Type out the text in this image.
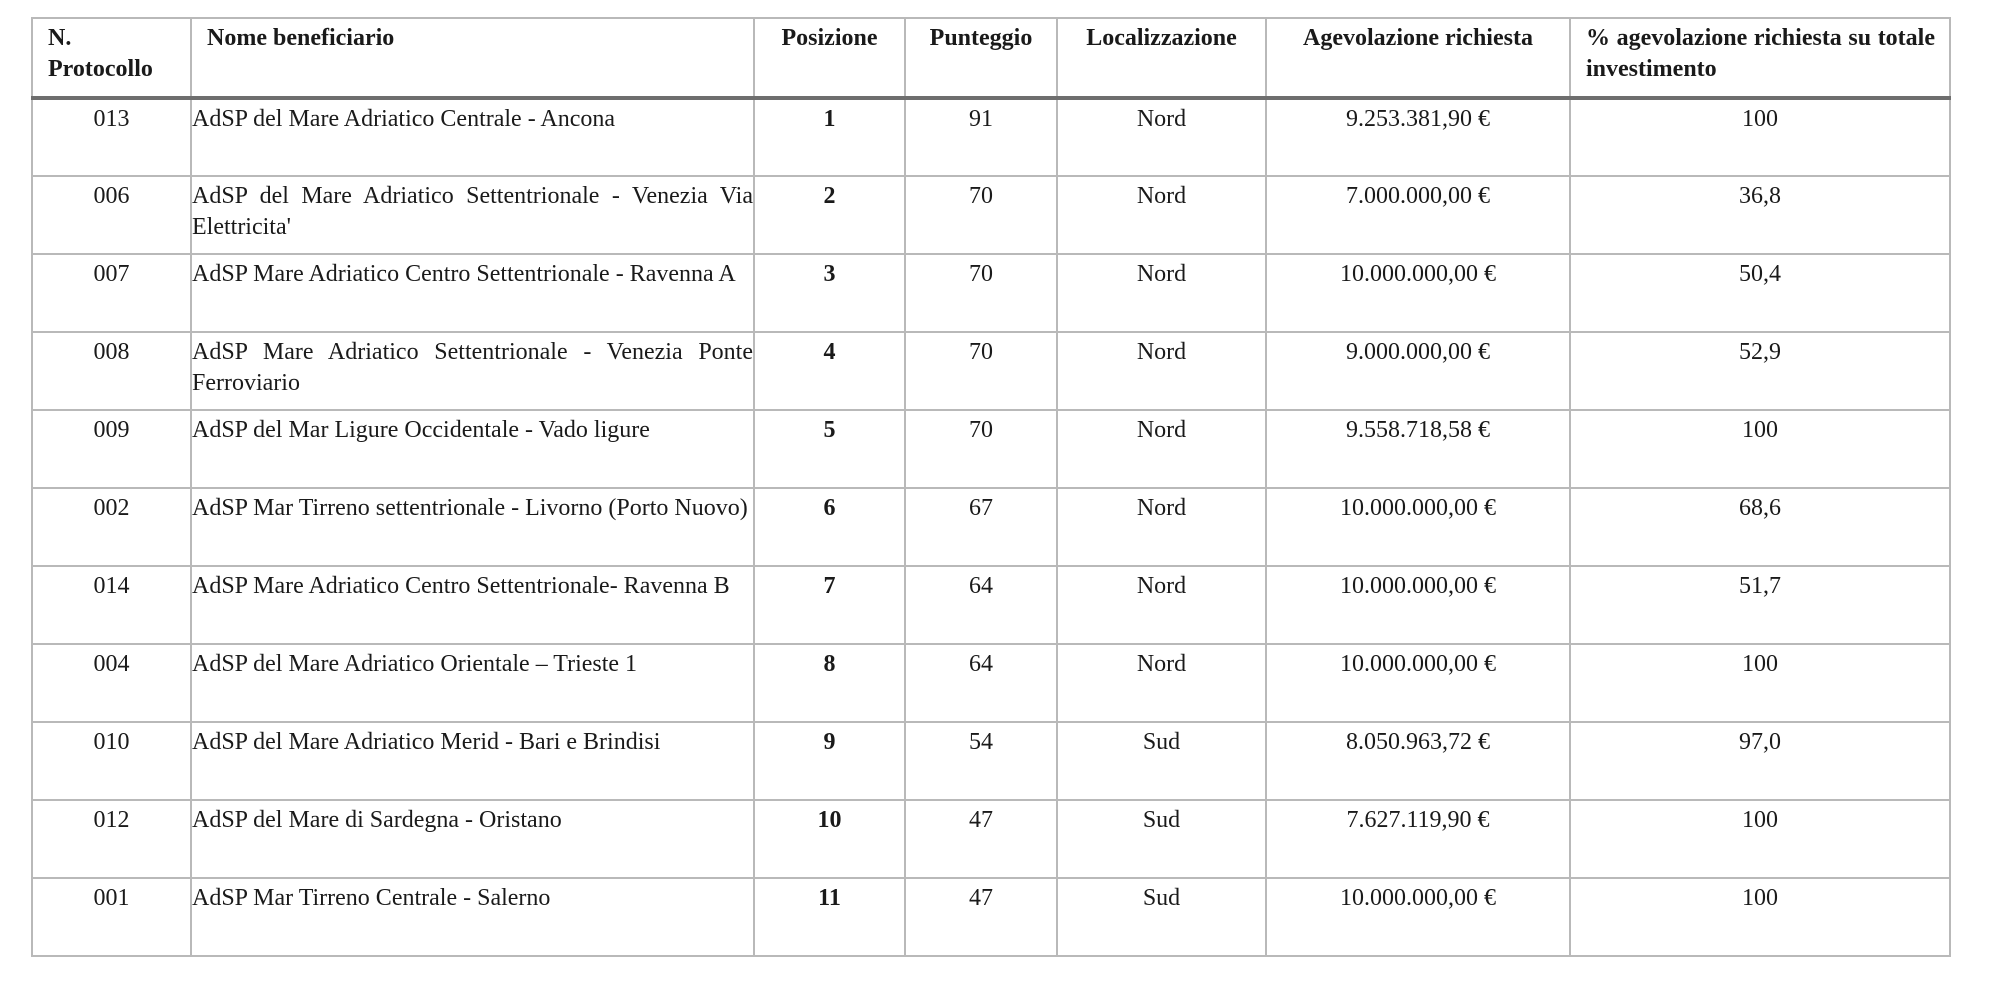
N. Protocollo	Nome beneficiario	Posizione	Punteggio	Localizzazione	Agevolazione richiesta	% agevolazione richiesta su totale investimento
013	AdSP del Mare Adriatico Centrale - Ancona	1	91	Nord	9.253.381,90 €	100
006	AdSP del Mare Adriatico Settentrionale - Venezia Via Elettricita'	2	70	Nord	7.000.000,00 €	36,8
007	AdSP Mare Adriatico Centro Settentrionale - Ravenna A	3	70	Nord	10.000.000,00 €	50,4
008	AdSP Mare Adriatico Settentrionale - Venezia Ponte Ferroviario	4	70	Nord	9.000.000,00 €	52,9
009	AdSP del Mar Ligure Occidentale - Vado ligure	5	70	Nord	9.558.718,58 €	100
002	AdSP Mar Tirreno settentrionale - Livorno (Porto Nuovo)	6	67	Nord	10.000.000,00 €	68,6
014	AdSP Mare Adriatico Centro Settentrionale- Ravenna B	7	64	Nord	10.000.000,00 €	51,7
004	AdSP del Mare Adriatico Orientale – Trieste 1	8	64	Nord	10.000.000,00 €	100
010	AdSP del Mare Adriatico Merid - Bari e Brindisi	9	54	Sud	8.050.963,72 €	97,0
012	AdSP del Mare di Sardegna - Oristano	10	47	Sud	7.627.119,90 €	100
001	AdSP Mar Tirreno Centrale - Salerno	11	47	Sud	10.000.000,00 €	100
